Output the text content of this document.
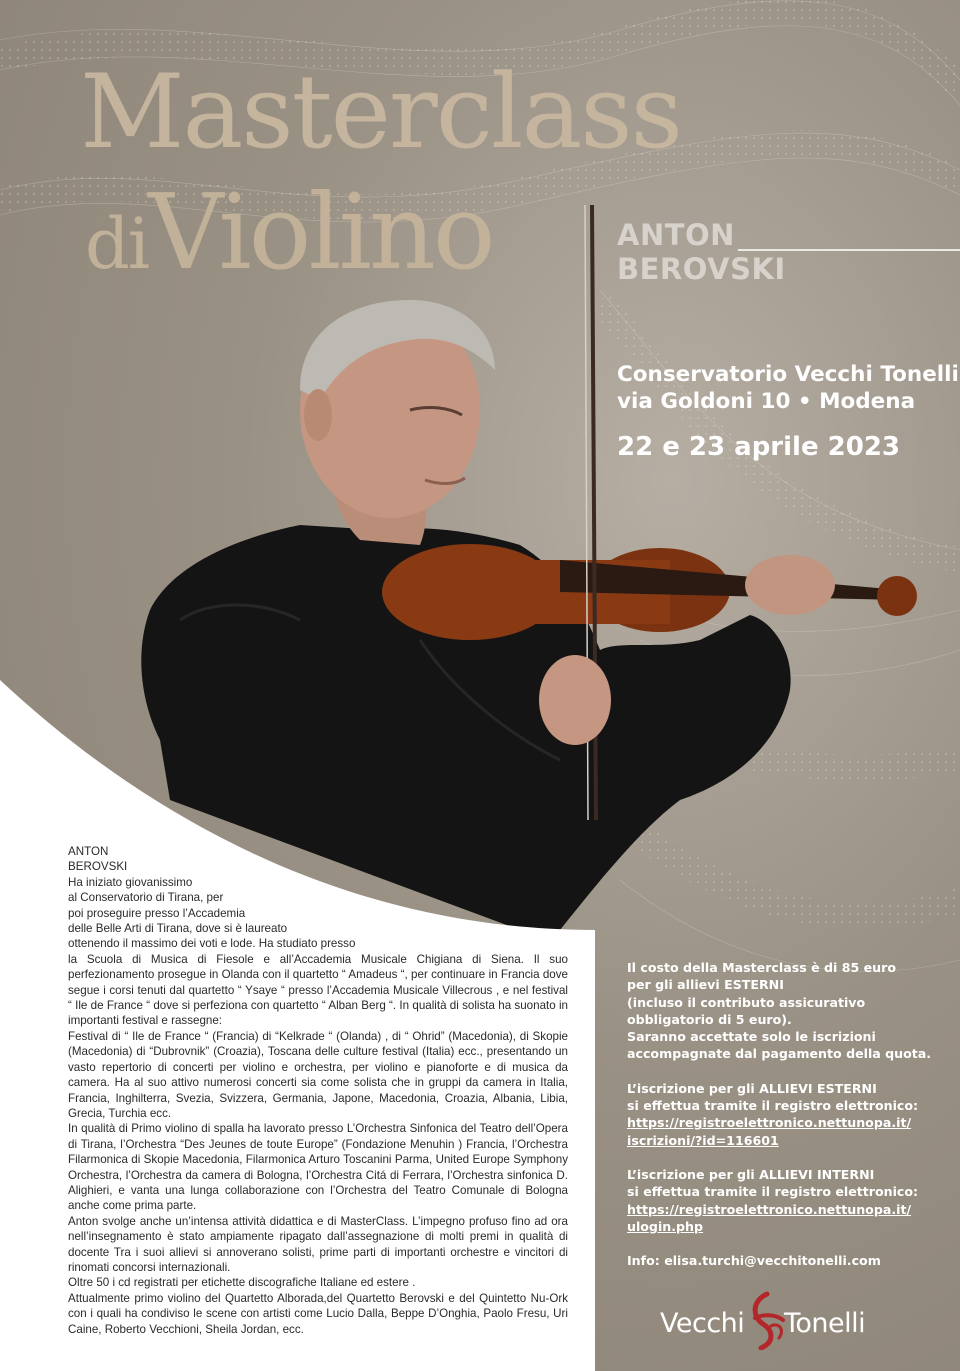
Masterclass
diViolino	ANTON
BEROVSKI
Conservatorio Vecchi Tonelli
via Goldoni 10 • Modena
22 e 23 aprile 2023

ANTON

BEROVSKI

Ha iniziato giovanissimo

al Conservatorio di Tirana, per

poi proseguire presso l’Accademia

delle Belle Arti di Tirana, dove si è laureato

ottenendo il massimo dei voti e lode. Ha studiato presso

la Scuola di Musica di Fiesole e all’Accademia Musicale Chigiana di Siena. Il suo perfezionamento prosegue in Olanda con il quartetto “ Amadeus “, per continuare in Francia dove segue i corsi tenuti dal quartetto “ Ysaye “ presso l’Accademia Musicale Villecrous , e nel festival “ Ile de France “ dove si perfeziona con quartetto “ Alban Berg “. In qualità di solista ha suonato in importanti festival e rassegne:

Festival di “ Ile de France “ (Francia) di “Kelkrade “ (Olanda) , di “ Ohrid” (Macedonia), di Skopie (Macedonia) di “Dubrovnik” (Croazia), Toscana delle culture festival (Italia) ecc., presentando un vasto repertorio di concerti per violino e orchestra, per violino e pianoforte e di musica da camera. Ha al suo attivo numerosi concerti sia come solista che in gruppi da camera in Italia, Francia, Inghilterra, Svezia, Svizzera, Germania, Japone, Macedonia, Croazia, Albania, Libia, Grecia, Turchia ecc.

In qualità di Primo violino di spalla ha lavorato presso L’Orchestra Sinfonica del Teatro dell’Opera di Tirana, l’Orchestra “Des Jeunes de toute Europe” (Fondazione Menuhin ) Francia, l’Orchestra Filarmonica di Skopie Macedonia, Filarmonica Arturo Toscanini Parma, United Europe Symphony Orchestra, l’Orchestra da camera di Bologna, l’Orchestra Citá di Ferrara, l’Orchestra sinfonica D. Alighieri, e vanta una lunga collaborazione con l’Orchestra del Teatro Comunale di Bologna anche come prima parte.

Anton svolge anche un’intensa attività didattica e di MasterClass. L’impegno profuso fino ad ora nell’insegnamento è stato ampiamente ripagato dall’assegnazione di molti premi in qualità di docente Tra i suoi allievi si annoverano solisti, prime parti di importanti orchestre e vincitori di rinomati concorsi internazionali.

Oltre 50 i cd registrati per etichette discografiche Italiane ed estere .

Attualmente primo violino del Quartetto Alborada,del Quartetto Berovski e del Quintetto Nu-Ork con i quali ha condiviso le scene con artisti come Lucio Dalla, Beppe D’Onghia, Paolo Fresu, Uri Caine, Roberto Vecchioni, Sheila Jordan, ecc.

Il costo della Masterclass è di 85 euro
per gli allievi ESTERNI
(incluso il contributo assicurativo
obbligatorio di 5 euro).
Saranno accettate solo le iscrizioni
accompagnate dal pagamento della quota.

L’iscrizione per gli ALLIEVI ESTERNI
si effettua tramite il registro elettronico:
https://registroelettronico.nettunopa.it/
iscrizioni/?id=116601

L’iscrizione per gli ALLIEVI INTERNI
si effettua tramite il registro elettronico:
https://registroelettronico.nettunopa.it/
ulogin.php

Info: elisa.turchi@vecchitonelli.com

Vecchi Tonelli
